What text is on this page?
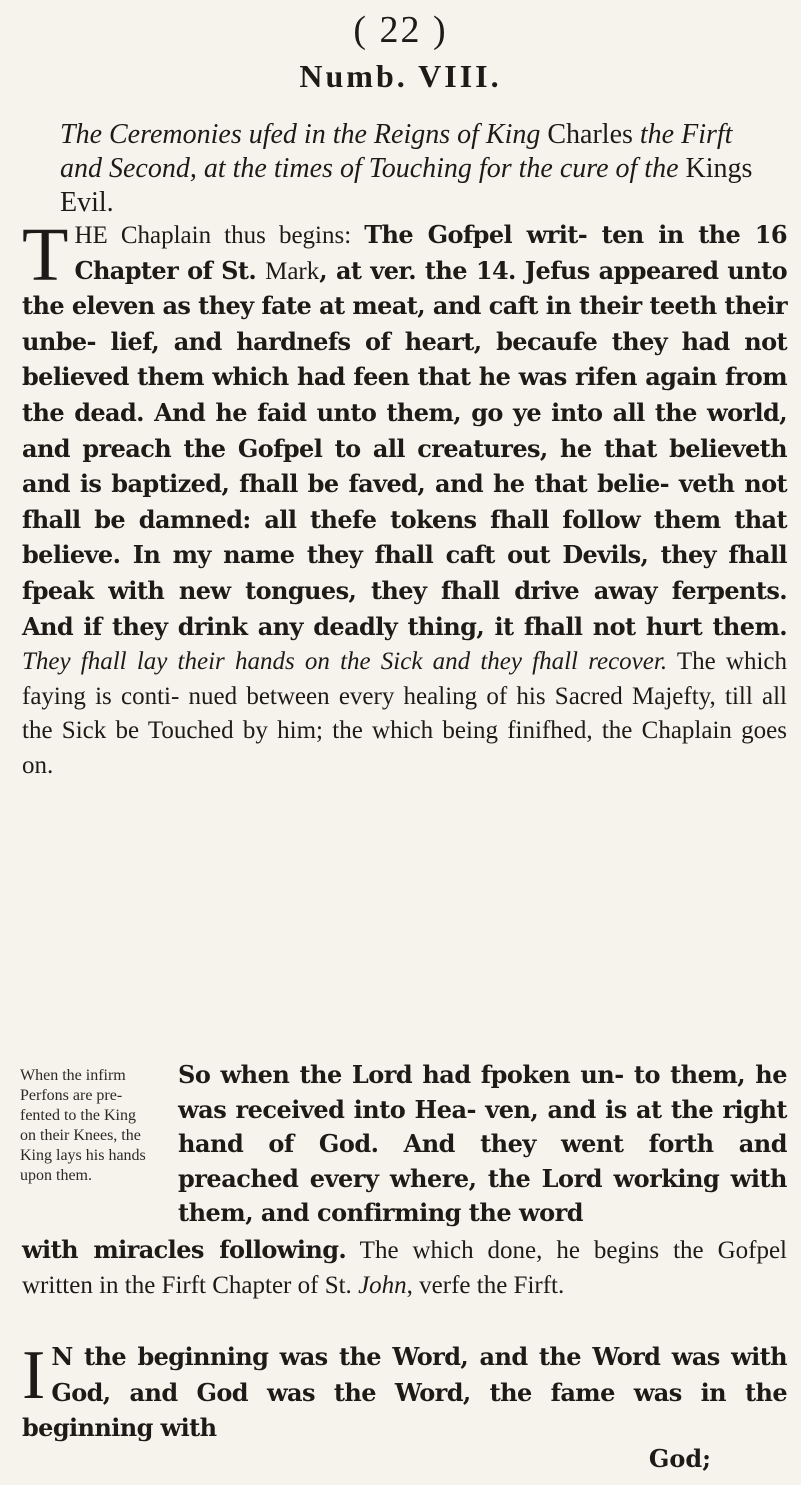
( 22 )
Numb. VIII.
The Ceremonies ufed in the Reigns of King Charles the Firft and Second, at the times of Touching for the cure of the Kings Evil.
THE Chaplain thus begins: The Gofpel writ- ten in the 16 Chapter of St. Mark, at ver. the 14. Jefus appeared unto the eleven as they fate at meat, and caft in their teeth their unbe- lief, and hardnefs of heart, becaufe they had not believed them which had feen that he was rifen again from the dead. And he faid unto them, go ye into all the world, and preach the Gofpel to all creatures, he that believeth and is baptized, fhall be faved, and he that belie- veth not fhall be damned: all thefe tokens fhall follow them that believe. In my name they fhall caft out Devils, they fhall fpeak with new tongues, they fhall drive away ferpents. And if they drink any deadly thing, it fhall not hurt them. They fhall lay their hands on the Sick and they fhall recover. The which faying is conti- nued between every healing of his Sacred Majefty, till all the Sick be Touched by him; the which being finifhed, the Chaplain goes on.
When the infirm Perfons are pre- fented to the King on their Knees, the King lays his hands upon them.
So when the Lord had fpoken un- to them, he was received into Hea- ven, and is at the right hand of God. And they went forth and preached every where, the Lord working with them, and confirming the word
with miracles following. The which done, he begins the Gofpel written in the Firft Chapter of St. John, verfe the Firft.
I N the beginning was the Word, and the Word was with God, and God was the Word, the fame was in the beginning with
God;
